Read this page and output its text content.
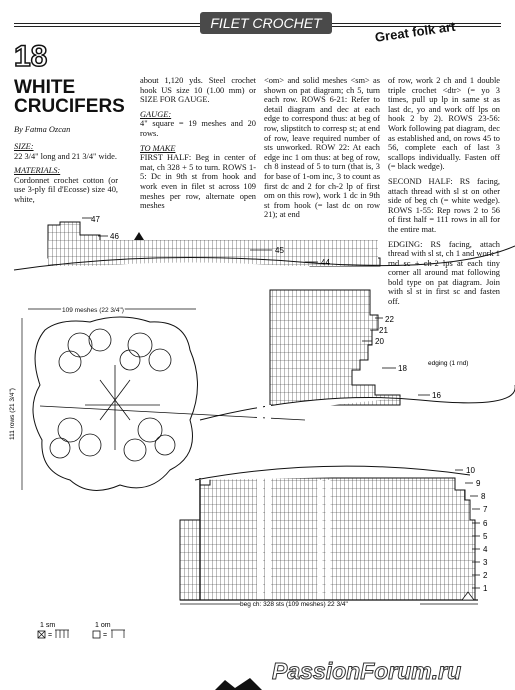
FILET CROCHET	Great folk art
18
WHITE
CRUCIFERS
By Fatma Ozcan

SIZE:
22 3/4" long and 21 3/4" wide.

MATERIALS:
Cordonnet crochet cotton (or use 3-ply fil d'Ecosse) size 40, white,

about 1,120 yds. Steel crochet hook US size 10 (1.00 mm) or SIZE FOR GAUGE.

GAUGE:
4" square = 19 meshes and 20 rows.

TO MAKE
FIRST HALF: Beg in center of mat, ch 328 + 5 to turn. ROWS 1-5: Dc in 9th st from hook and work even in filet st across 109 meshes per row, alternate open meshes

<om> and solid meshes <sm> as shown on pat diagram; ch 5, turn each row. ROWS 6-21: Refer to detail diagram and dec at each edge to correspond thus: at beg of row, slipstitch to corresp st; at end of row, leave required number of sts unworked. ROW 22: At each edge inc 1 om thus: at beg of row, ch 8 instead of 5 to turn (that is, 3 for base of 1-om inc, 3 to count as first dc and 2 for ch-2 lp of first om on this row), work 1 dc in 9th st from hook (= last dc on row 21); at end

of row, work 2 ch and 1 double triple crochet <dtr> (= yo 3 times, pull up lp in same st as last dc, yo and work off lps on hook 2 by 2). ROWS 23-56: Work following pat diagram, dec as established and, on rows 45 to 56, complete each of last 3 scallops individually. Fasten off (= black wedge).

SECOND HALF: RS facing, attach thread with sl st on other side of beg ch (= white wedge). ROWS 1-55: Rep rows 2 to 56 of first half = 111 rows in all for the entire mat.

EDGING: RS facing, attach thread with sl st, ch 1 and work 1 rnd sc + ch-2 lps at each tiny corner all around mat following bold type on pat diagram. Join with sl st in first sc and fasten off.

47
46
45
44
22
21
20
18
16
edging (1 rnd)
109 meshes (22 3/4")
111 rows (21 3/4")
beg ch: 328 sts (109 meshes) 22 3/4"
10
9
8
7
6
5
4
3
2
1
1 sm
=
1 om
=
PassionForum.ru
